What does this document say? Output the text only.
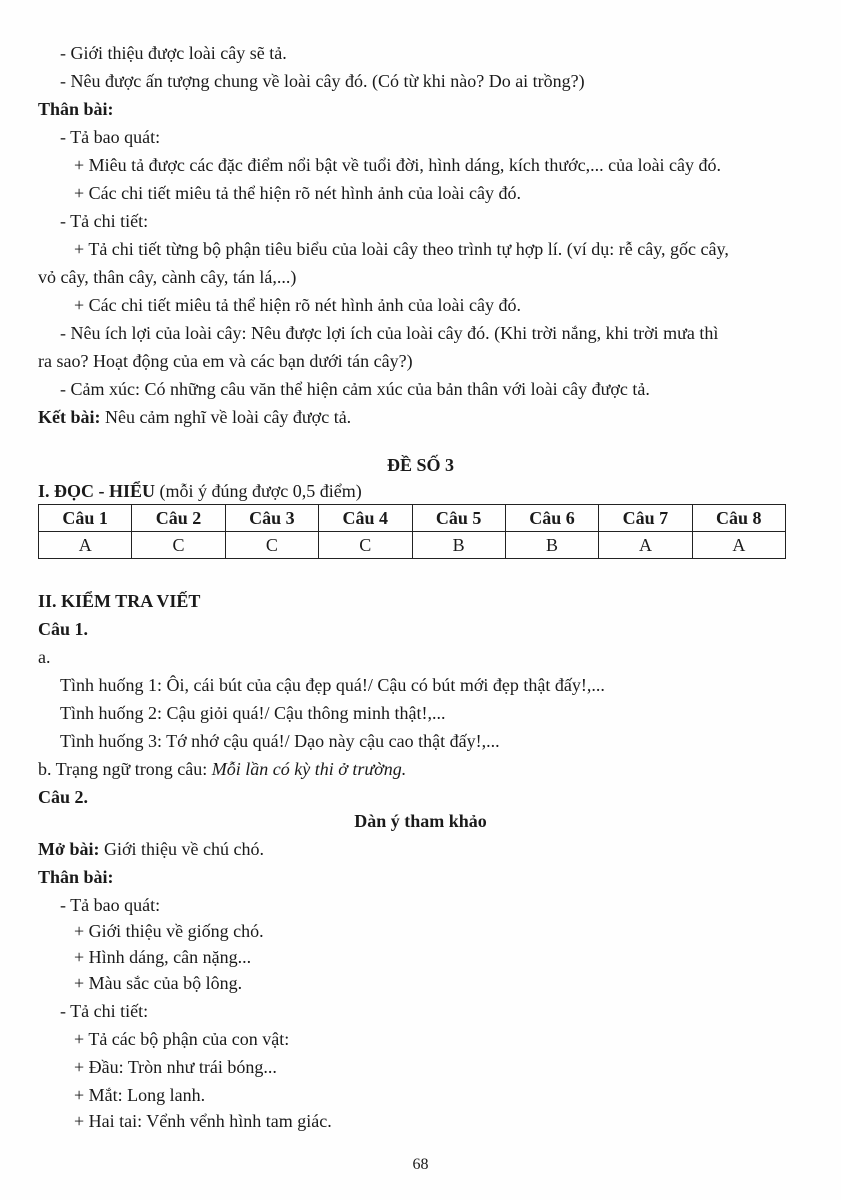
- Giới thiệu được loài cây sẽ tả.
- Nêu được ấn tượng chung về loài cây đó. (Có từ khi nào? Do ai trồng?)
Thân bài:
- Tả bao quát:
+ Miêu tả được các đặc điểm nổi bật về tuổi đời, hình dáng, kích thước,... của loài cây đó.
+ Các chi tiết miêu tả thể hiện rõ nét hình ảnh của loài cây đó.
- Tả chi tiết:
+ Tả chi tiết từng bộ phận tiêu biểu của loài cây theo trình tự hợp lí. (ví dụ: rễ cây, gốc cây,
vỏ cây, thân cây, cành cây, tán lá,...)
+ Các chi tiết miêu tả thể hiện rõ nét hình ảnh của loài cây đó.
- Nêu ích lợi của loài cây: Nêu được lợi ích của loài cây đó. (Khi trời nắng, khi trời mưa thì
ra sao? Hoạt động của em và các bạn dưới tán cây?)
- Cảm xúc: Có những câu văn thể hiện cảm xúc của bản thân với loài cây được tả.
Kết bài: Nêu cảm nghĩ về loài cây được tả.
ĐỀ SỐ 3
I. ĐỌC - HIỂU (mỗi ý đúng được 0,5 điểm)
Câu 1	Câu 2	Câu 3	Câu 4	Câu 5	Câu 6	Câu 7	Câu 8
A	C	C	C	B	B	A	A
II. KIỂM TRA VIẾT
Câu 1.
a.
Tình huống 1: Ôi, cái bút của cậu đẹp quá!/ Cậu có bút mới đẹp thật đấy!,...
Tình huống 2: Cậu giỏi quá!/ Cậu thông minh thật!,...
Tình huống 3: Tớ nhớ cậu quá!/ Dạo này cậu cao thật đấy!,...
b. Trạng ngữ trong câu: Mỗi lần có kỳ thi ở trường.
Câu 2.
Dàn ý tham khảo
Mở bài: Giới thiệu về chú chó.
Thân bài:
- Tả bao quát:
+ Giới thiệu về giống chó.
+ Hình dáng, cân nặng...
+ Màu sắc của bộ lông.
- Tả chi tiết:
+ Tả các bộ phận của con vật:
+ Đầu: Tròn như trái bóng...
+ Mắt: Long lanh.
+ Hai tai: Vểnh vểnh hình tam giác.
68
